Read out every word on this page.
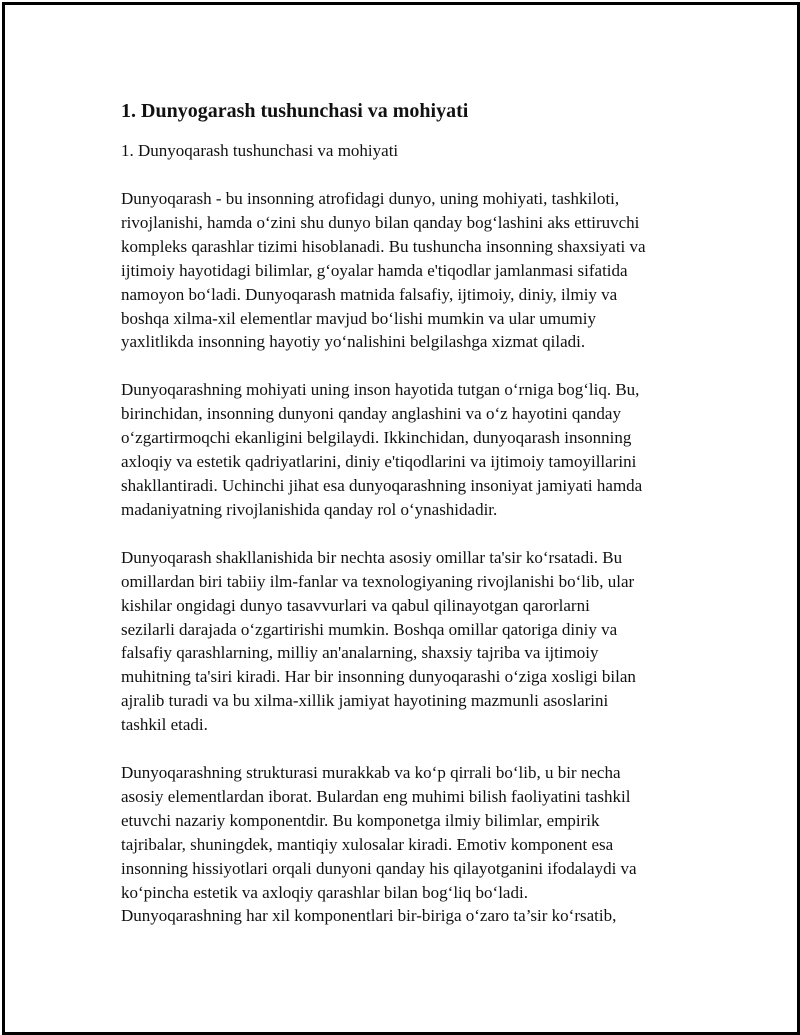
1. Dunyogarash tushunchasi va mohiyati
1. Dunyoqarash tushunchasi va mohiyati

Dunyoqarash - bu insonning atrofidagi dunyo, uning mohiyati, tashkiloti,
rivojlanishi, hamda o‘zini shu dunyo bilan qanday bog‘lashini aks ettiruvchi
kompleks qarashlar tizimi hisoblanadi. Bu tushuncha insonning shaxsiyati va
ijtimoiy hayotidagi bilimlar, g‘oyalar hamda e'tiqodlar jamlanmasi sifatida
namoyon bo‘ladi. Dunyoqarash matnida falsafiy, ijtimoiy, diniy, ilmiy va
boshqa xilma-xil elementlar mavjud bo‘lishi mumkin va ular umumiy
yaxlitlikda insonning hayotiy yo‘nalishini belgilashga xizmat qiladi.

Dunyoqarashning mohiyati uning inson hayotida tutgan o‘rniga bog‘liq. Bu,
birinchidan, insonning dunyoni qanday anglashini va o‘z hayotini qanday
o‘zgartirmoqchi ekanligini belgilaydi. Ikkinchidan, dunyoqarash insonning
axloqiy va estetik qadriyatlarini, diniy e'tiqodlarini va ijtimoiy tamoyillarini
shakllantiradi. Uchinchi jihat esa dunyoqarashning insoniyat jamiyati hamda
madaniyatning rivojlanishida qanday rol o‘ynashidadir.

Dunyoqarash shakllanishida bir nechta asosiy omillar ta'sir ko‘rsatadi. Bu
omillardan biri tabiiy ilm-fanlar va texnologiyaning rivojlanishi bo‘lib, ular
kishilar ongidagi dunyo tasavvurlari va qabul qilinayotgan qarorlarni
sezilarli darajada o‘zgartirishi mumkin. Boshqa omillar qatoriga diniy va
falsafiy qarashlarning, milliy an'analarning, shaxsiy tajriba va ijtimoiy
muhitning ta'siri kiradi. Har bir insonning dunyoqarashi o‘ziga xosligi bilan
ajralib turadi va bu xilma-xillik jamiyat hayotining mazmunli asoslarini
tashkil etadi.

Dunyoqarashning strukturasi murakkab va ko‘p qirrali bo‘lib, u bir necha
asosiy elementlardan iborat. Bulardan eng muhimi bilish faoliyatini tashkil
etuvchi nazariy komponentdir. Bu komponetga ilmiy bilimlar, empirik
tajribalar, shuningdek, mantiqiy xulosalar kiradi. Emotiv komponent esa
insonning hissiyotlari orqali dunyoni qanday his qilayotganini ifodalaydi va
ko‘pincha estetik va axloqiy qarashlar bilan bog‘liq bo‘ladi.
Dunyoqarashning har xil komponentlari bir-biriga o‘zaro ta’sir ko‘rsatib,
